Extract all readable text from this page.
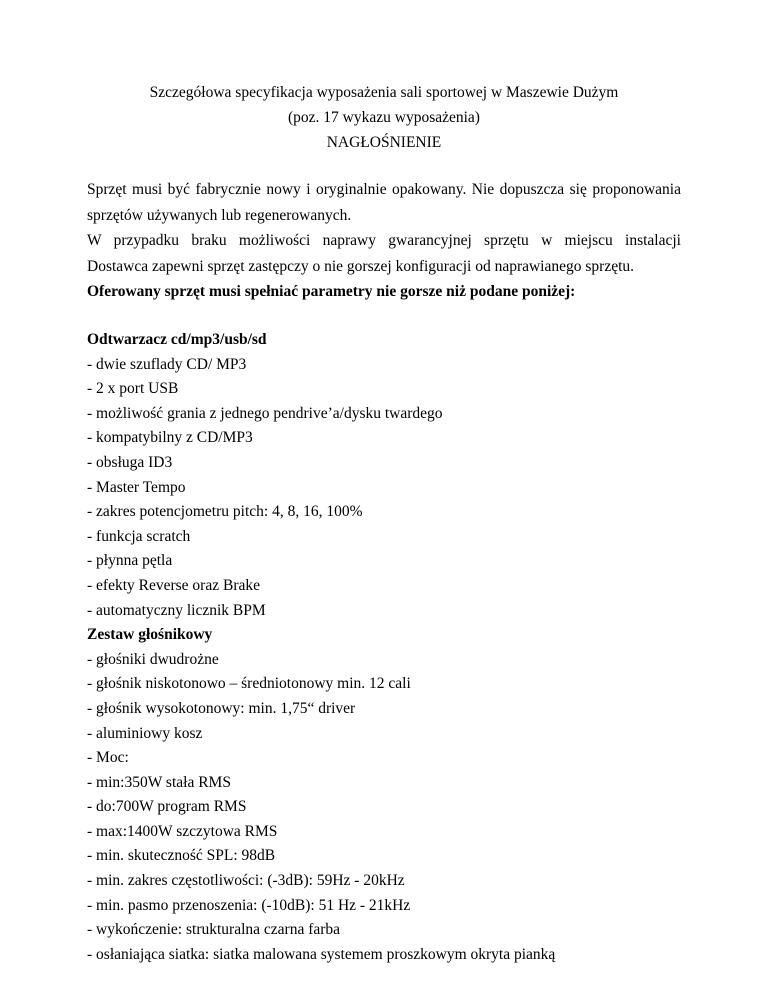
Szczegółowa specyfikacja wyposażenia sali sportowej w Maszewie Dużym
(poz. 17 wykazu wyposażenia)
NAGŁOŚNIENIE

Sprzęt musi być fabrycznie nowy i oryginalnie opakowany. Nie dopuszcza się proponowania

sprzętów używanych lub regenerowanych.

W przypadku braku możliwości naprawy gwarancyjnej sprzętu w miejscu instalacji

Dostawca zapewni sprzęt zastępczy o nie gorszej konfiguracji od naprawianego sprzętu.

Oferowany sprzęt musi spełniać parametry nie gorsze niż podane poniżej:

Odtwarzacz cd/mp3/usb/sd
- dwie szuflady CD/ MP3
- 2 x port USB
- możliwość grania z jednego pendrive’a/dysku twardego
- kompatybilny z CD/MP3
- obsługa ID3
- Master Tempo
- zakres potencjometru pitch: 4, 8, 16, 100%
- funkcja scratch
- płynna pętla
- efekty Reverse oraz Brake
- automatyczny licznik BPM
Zestaw głośnikowy
- głośniki dwudrożne
- głośnik niskotonowo – średniotonowy min. 12 cali
- głośnik wysokotonowy: min. 1,75“ driver
- aluminiowy kosz
- Moc:
- min:350W stała RMS
- do:700W program RMS
- max:1400W szczytowa RMS
- min. skuteczność SPL: 98dB
- min. zakres częstotliwości: (-3dB): 59Hz - 20kHz
- min. pasmo przenoszenia: (-10dB): 51 Hz - 21kHz
- wykończenie: strukturalna czarna farba
- osłaniająca siatka: siatka malowana systemem proszkowym okryta pianką
